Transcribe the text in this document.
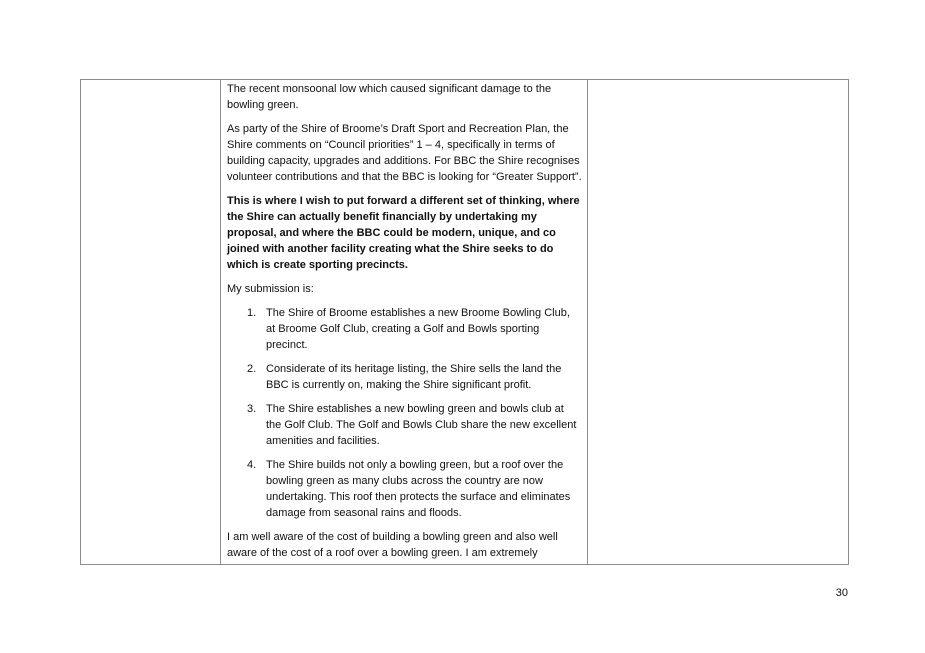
The recent monsoonal low which caused significant damage to the bowling green.

As party of the Shire of Broome’s Draft Sport and Recreation Plan, the Shire comments on “Council priorities” 1 – 4, specifically in terms of building capacity, upgrades and additions. For BBC the Shire recognises volunteer contributions and that the BBC is looking for “Greater Support”.

This is where I wish to put forward a different set of thinking, where the Shire can actually benefit financially by undertaking my proposal, and where the BBC could be modern, unique, and co joined with another facility creating what the Shire seeks to do which is create sporting precincts.

My submission is:

1. The Shire of Broome establishes a new Broome Bowling Club, at Broome Golf Club, creating a Golf and Bowls sporting precinct.
2. Considerate of its heritage listing, the Shire sells the land the BBC is currently on, making the Shire significant profit.
3. The Shire establishes a new bowling green and bowls club at the Golf Club. The Golf and Bowls Club share the new excellent amenities and facilities.
4. The Shire builds not only a bowling green, but a roof over the bowling green as many clubs across the country are now undertaking. This roof then protects the surface and eliminates damage from seasonal rains and floods.

I am well aware of the cost of building a bowling green and also well aware of the cost of a roof over a bowling green. I am extremely

30
